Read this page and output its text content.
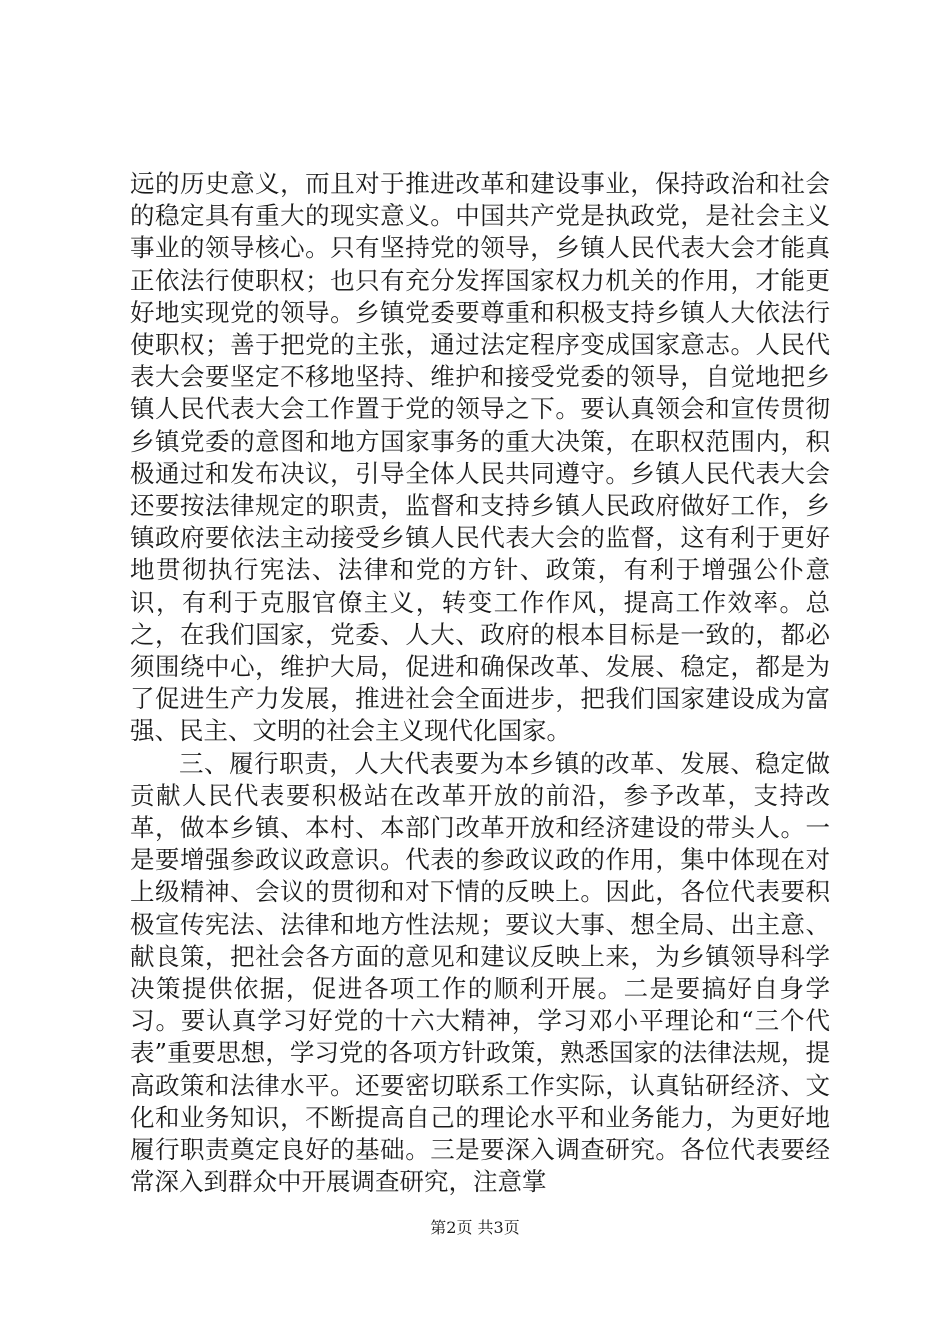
远的历史意义，而且对于推进改革和建设事业，保持政治和社会的稳定具有重大的现实意义。中国共产党是执政党，是社会主义事业的领导核心。只有坚持党的领导，乡镇人民代表大会才能真正依法行使职权；也只有充分发挥国家权力机关的作用，才能更好地实现党的领导。乡镇党委要尊重和积极支持乡镇人大依法行使职权；善于把党的主张，通过法定程序变成国家意志。人民代表大会要坚定不移地坚持、维护和接受党委的领导，自觉地把乡镇人民代表大会工作置于党的领导之下。要认真领会和宣传贯彻乡镇党委的意图和地方国家事务的重大决策，在职权范围内，积极通过和发布决议，引导全体人民共同遵守。乡镇人民代表大会还要按法律规定的职责，监督和支持乡镇人民政府做好工作，乡镇政府要依法主动接受乡镇人民代表大会的监督，这有利于更好地贯彻执行宪法、法律和党的方针、政策，有利于增强公仆意识，有利于克服官僚主义，转变工作作风，提高工作效率。总之，在我们国家，党委、人大、政府的根本目标是一致的，都必须围绕中心，维护大局，促进和确保改革、发展、稳定，都是为了促进生产力发展，推进社会全面进步，把我们国家建设成为富强、民主、文明的社会主义现代化国家。

三、履行职责，人大代表要为本乡镇的改革、发展、稳定做贡献人民代表要积极站在改革开放的前沿，参予改革，支持改革，做本乡镇、本村、本部门改革开放和经济建设的带头人。一是要增强参政议政意识。代表的参政议政的作用，集中体现在对上级精神、会议的贯彻和对下情的反映上。因此，各位代表要积极宣传宪法、法律和地方性法规；要议大事、想全局、出主意、献良策，把社会各方面的意见和建议反映上来，为乡镇领导科学决策提供依据，促进各项工作的顺利开展。二是要搞好自身学习。要认真学习好党的十六大精神，学习邓小平理论和“三个代表”重要思想，学习党的各项方针政策，熟悉国家的法律法规，提高政策和法律水平。还要密切联系工作实际，认真钻研经济、文化和业务知识，不断提高自己的理论水平和业务能力，为更好地履行职责奠定良好的基础。三是要深入调查研究。各位代表要经常深入到群众中开展调查研究，注意掌

第2页 共3页
